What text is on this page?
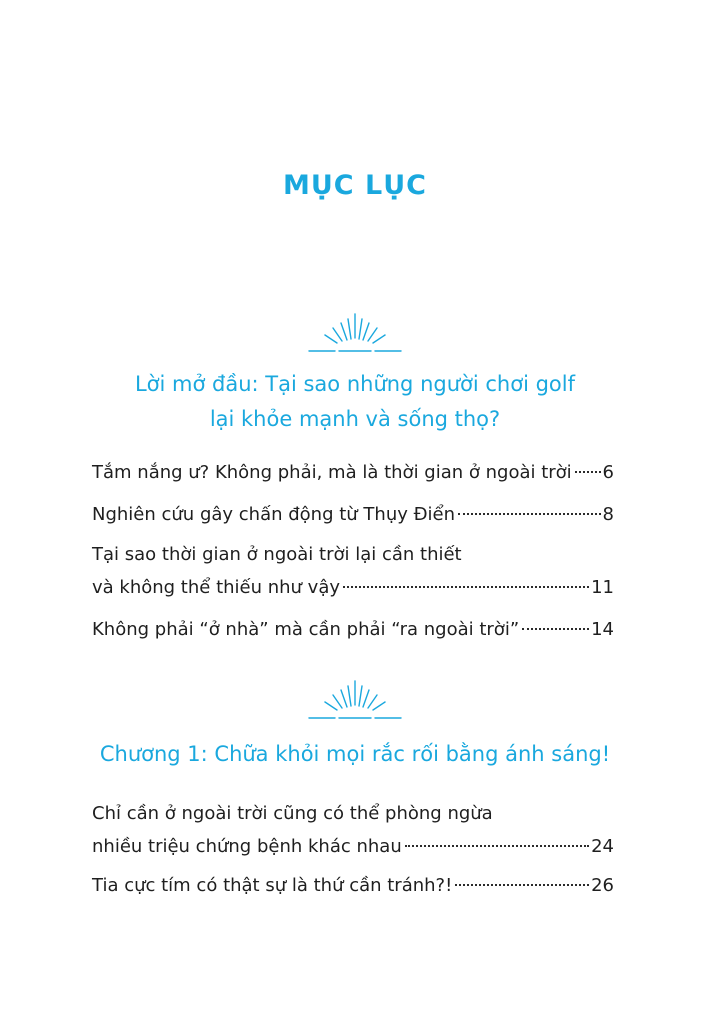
MỤC LỤC
Lời mở đầu: Tại sao những người chơi golf
lại khỏe mạnh và sống thọ?
Tắm nắng ư? Không phải, mà là thời gian ở ngoài trời 6
Nghiên cứu gây chấn động từ Thụy Điển	8
Tại sao thời gian ở ngoài trời lại cần thiết
và không thể thiếu như vậy	11
Không phải “ở nhà” mà cần phải “ra ngoài trời”	14
Chương 1: Chữa khỏi mọi rắc rối bằng ánh sáng!
Chỉ cần ở ngoài trời cũng có thể phòng ngừa
nhiều triệu chứng bệnh khác nhau	24
Tia cực tím có thật sự là thứ cần tránh?!	26
